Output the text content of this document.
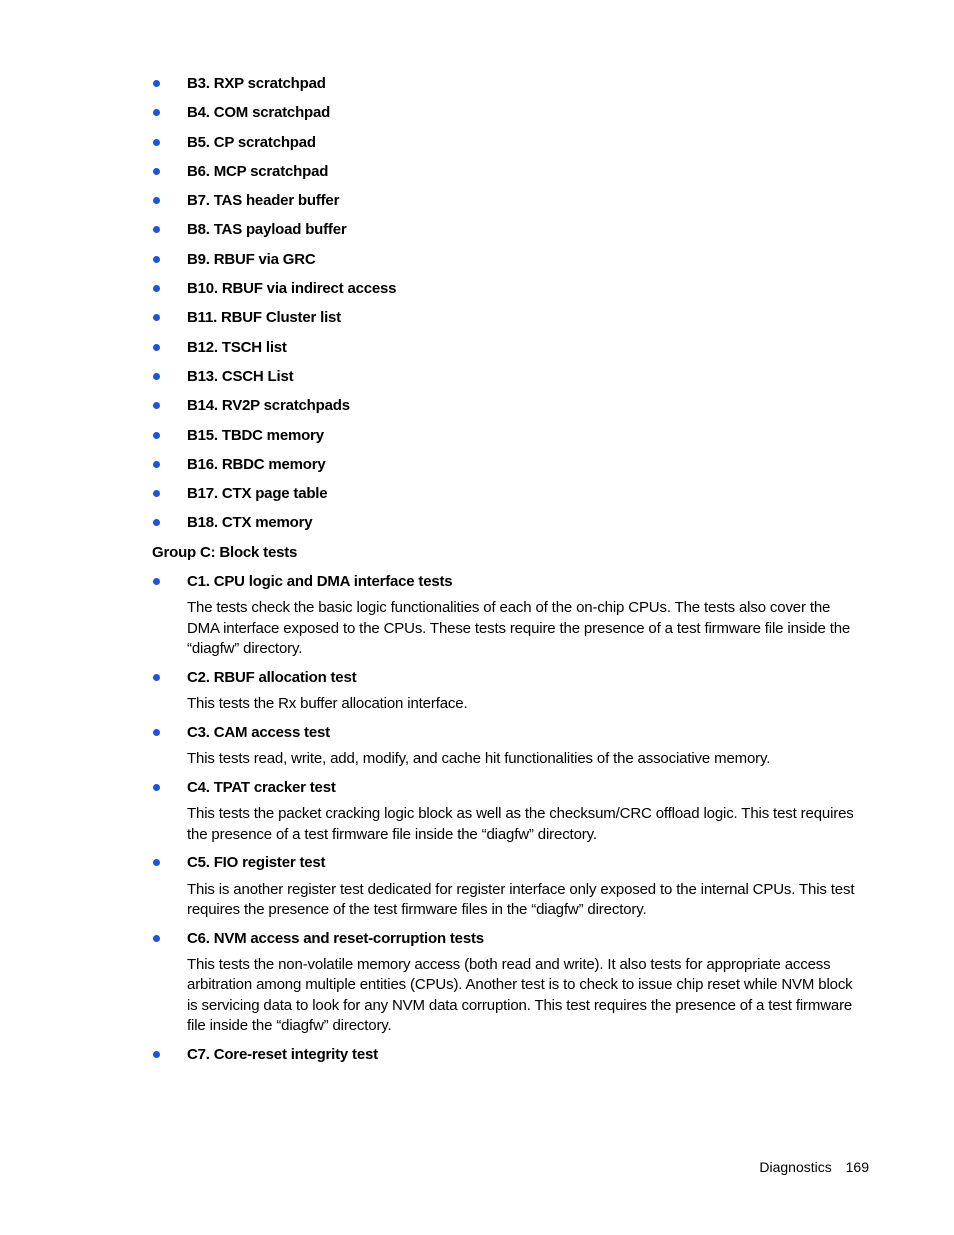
B3. RXP scratchpad
B4. COM scratchpad
B5. CP scratchpad
B6. MCP scratchpad
B7. TAS header buffer
B8. TAS payload buffer
B9. RBUF via GRC
B10. RBUF via indirect access
B11. RBUF Cluster list
B12. TSCH list
B13. CSCH List
B14. RV2P scratchpads
B15. TBDC memory
B16. RBDC memory
B17. CTX page table
B18. CTX memory
Group C: Block tests
C1. CPU logic and DMA interface tests
The tests check the basic logic functionalities of each of the on-chip CPUs. The tests also cover the DMA interface exposed to the CPUs. These tests require the presence of a test firmware file inside the “diagfw” directory.
C2. RBUF allocation test
This tests the Rx buffer allocation interface.
C3. CAM access test
This tests read, write, add, modify, and cache hit functionalities of the associative memory.
C4. TPAT cracker test
This tests the packet cracking logic block as well as the checksum/CRC offload logic. This test requires the presence of a test firmware file inside the “diagfw” directory.
C5. FIO register test
This is another register test dedicated for register interface only exposed to the internal CPUs. This test requires the presence of the test firmware files in the “diagfw” directory.
C6. NVM access and reset-corruption tests
This tests the non-volatile memory access (both read and write). It also tests for appropriate access arbitration among multiple entities (CPUs). Another test is to check to issue chip reset while NVM block is servicing data to look for any NVM data corruption. This test requires the presence of a test firmware file inside the “diagfw” directory.
C7. Core-reset integrity test
Diagnostics 169
